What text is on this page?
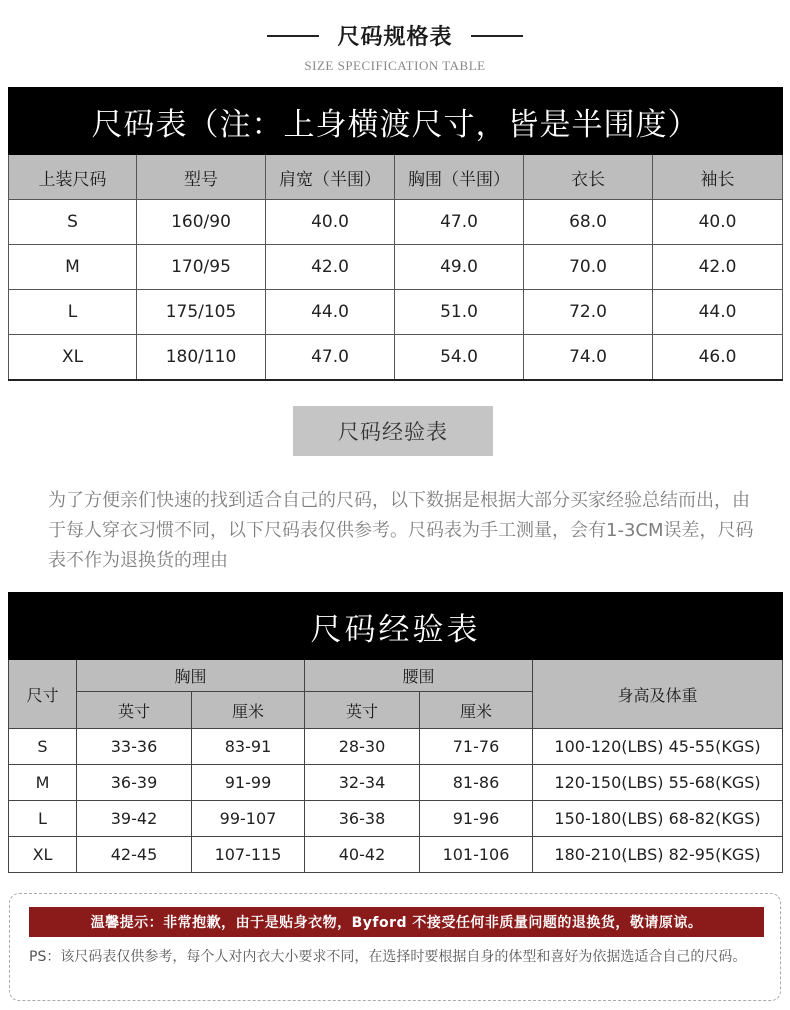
尺码规格表
SIZE SPECIFICATION TABLE
尺码表（注：上身横渡尺寸，皆是半围度）					
上装尺码	型号	肩宽（半围）	胸围（半围）	衣长	袖长
S	160/90	40.0	47.0	68.0	40.0
M	170/95	42.0	49.0	70.0	42.0
L	175/105	44.0	51.0	72.0	44.0
XL	180/110	47.0	54.0	74.0	46.0
尺码经验表
为了方便亲们快速的找到适合自己的尺码，以下数据是根据大部分买家经验总结而出，由于每人穿衣习惯不同，以下尺码表仅供参考。尺码表为手工测量，会有1-3CM误差，尺码表不作为退换货的理由
尺码经验表					
尺寸	胸围		腰围		身高及体重
	英寸	厘米	英寸	厘米	
S	33-36	83-91	28-30	71-76	100-120(LBS) 45-55(KGS)
M	36-39	91-99	32-34	81-86	120-150(LBS) 55-68(KGS)
L	39-42	99-107	36-38	91-96	150-180(LBS) 68-82(KGS)
XL	42-45	107-115	40-42	101-106	180-210(LBS) 82-95(KGS)
温馨提示：非常抱歉，由于是贴身衣物，Byford 不接受任何非质量问题的退换货，敬请原谅。
PS：该尺码表仅供参考，每个人对内衣大小要求不同，在选择时要根据自身的体型和喜好为依据选适合自己的尺码。
